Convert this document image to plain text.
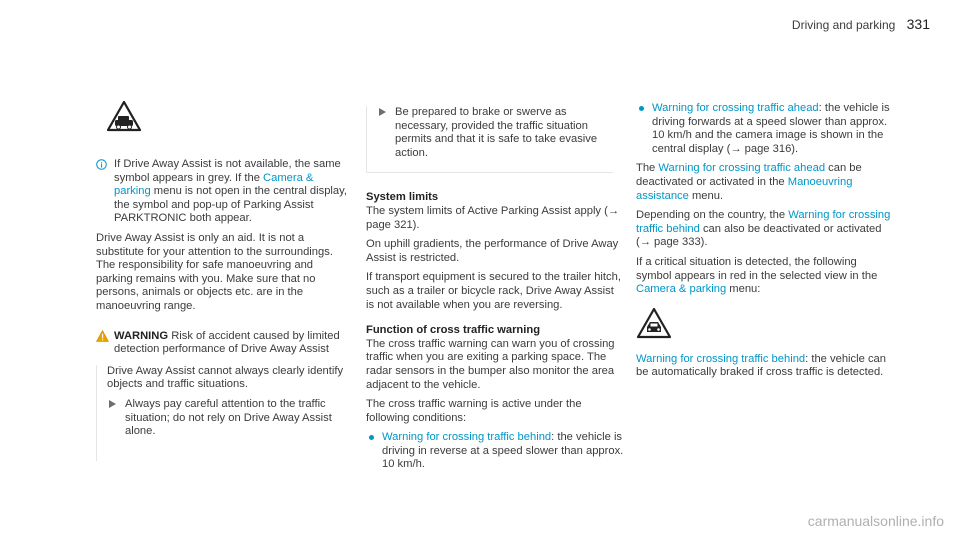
Driving and parking 331

i If Drive Away Assist is not available, the same symbol appears in grey. If the Camera & parking menu is not open in the central display, the symbol and pop-up of Parking Assist PARKTRONIC both appear.

Drive Away Assist is only an aid. It is not a substitute for your attention to the surroundings. The responsibility for safe manoeuvring and parking remains with you. Make sure that no persons, animals or objects etc. are in the manoeuvring range.

WARNING Risk of accident caused by limited detection performance of Drive Away Assist

Drive Away Assist cannot always clearly identify objects and traffic situations.

Always pay careful attention to the traffic situation; do not rely on Drive Away Assist alone.

Be prepared to brake or swerve as necessary, provided the traffic situation permits and that it is safe to take evasive action.

System limits

The system limits of Active Parking Assist apply (→ page 321).

On uphill gradients, the performance of Drive Away Assist is restricted.

If transport equipment is secured to the trailer hitch, such as a trailer or bicycle rack, Drive Away Assist is not available when you are reversing.

Function of cross traffic warning

The cross traffic warning can warn you of crossing traffic when you are exiting a parking space. The radar sensors in the bumper also monitor the area adjacent to the vehicle.

The cross traffic warning is active under the following conditions:

Warning for crossing traffic behind: the vehicle is driving in reverse at a speed slower than approx. 10 km/h.

Warning for crossing traffic ahead: the vehicle is driving forwards at a speed slower than approx. 10 km/h and the camera image is shown in the central display (→ page 316).

The Warning for crossing traffic ahead can be deactivated or activated in the Manoeuvring assistance menu.

Depending on the country, the Warning for crossing traffic behind can also be deactivated or activated (→ page 333).

If a critical situation is detected, the following symbol appears in red in the selected view in the Camera & parking menu:

Warning for crossing traffic behind: the vehicle can be automatically braked if cross traffic is detected.

carmanualsonline.info
